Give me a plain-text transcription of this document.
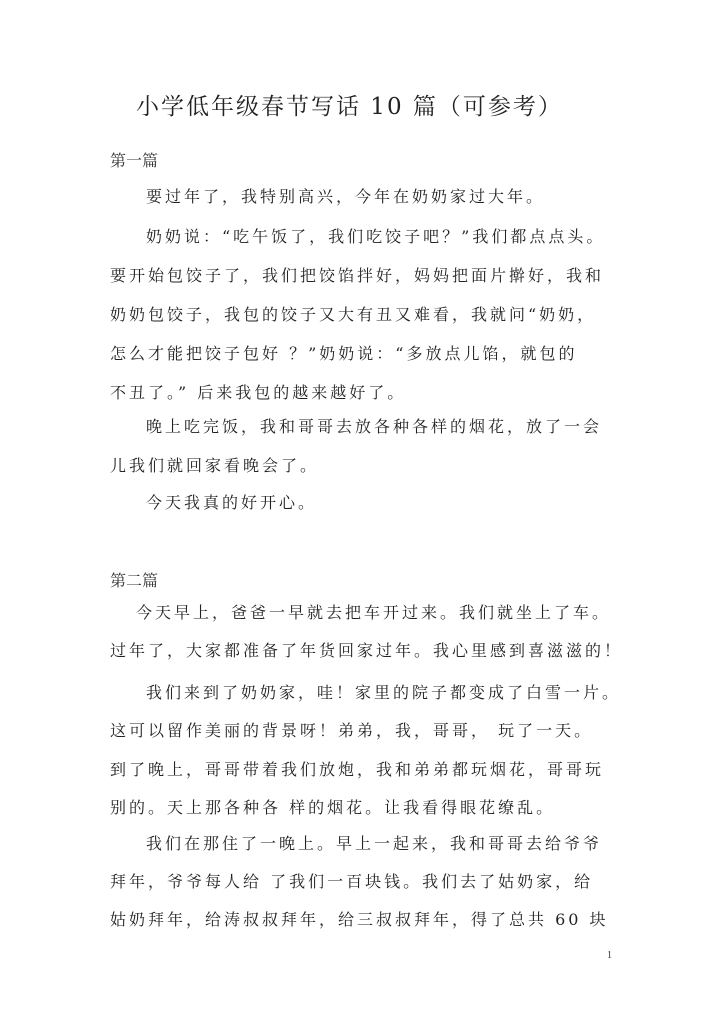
小学低年级春节写话 10 篇（可参考）
第一篇
要过年了，我特别高兴，今年在奶奶家过大年。
奶奶说：“吃午饭了，我们吃饺子吧？”我们都点点头。
要开始包饺子了，我们把饺馅拌好，妈妈把面片擀好，我和
奶奶包饺子，我包的饺子又大有丑又难看，我就问“奶奶，
怎么才能把饺子包好 ？”奶奶说：“多放点儿馅，就包的
不丑了。” 后来我包的越来越好了。
晚上吃完饭，我和哥哥去放各种各样的烟花，放了一会
儿我们就回家看晚会了。
今天我真的好开心。
第二篇
今天早上，爸爸一早就去把车开过来。我们就坐上了车。
过年了，大家都准备了年货回家过年。我心里感到喜滋滋的！
我们来到了奶奶家，哇！家里的院子都变成了白雪一片。
这可以留作美丽的背景呀！弟弟，我，哥哥， 玩了一天。
到了晚上，哥哥带着我们放炮，我和弟弟都玩烟花，哥哥玩
别的。天上那各种各 样的烟花。让我看得眼花缭乱。
我们在那住了一晚上。早上一起来，我和哥哥去给爷爷
拜年，爷爷每人给 了我们一百块钱。我们去了姑奶家，给
姑奶拜年，给涛叔叔拜年，给三叔叔拜年，得了总共 60 块
1
